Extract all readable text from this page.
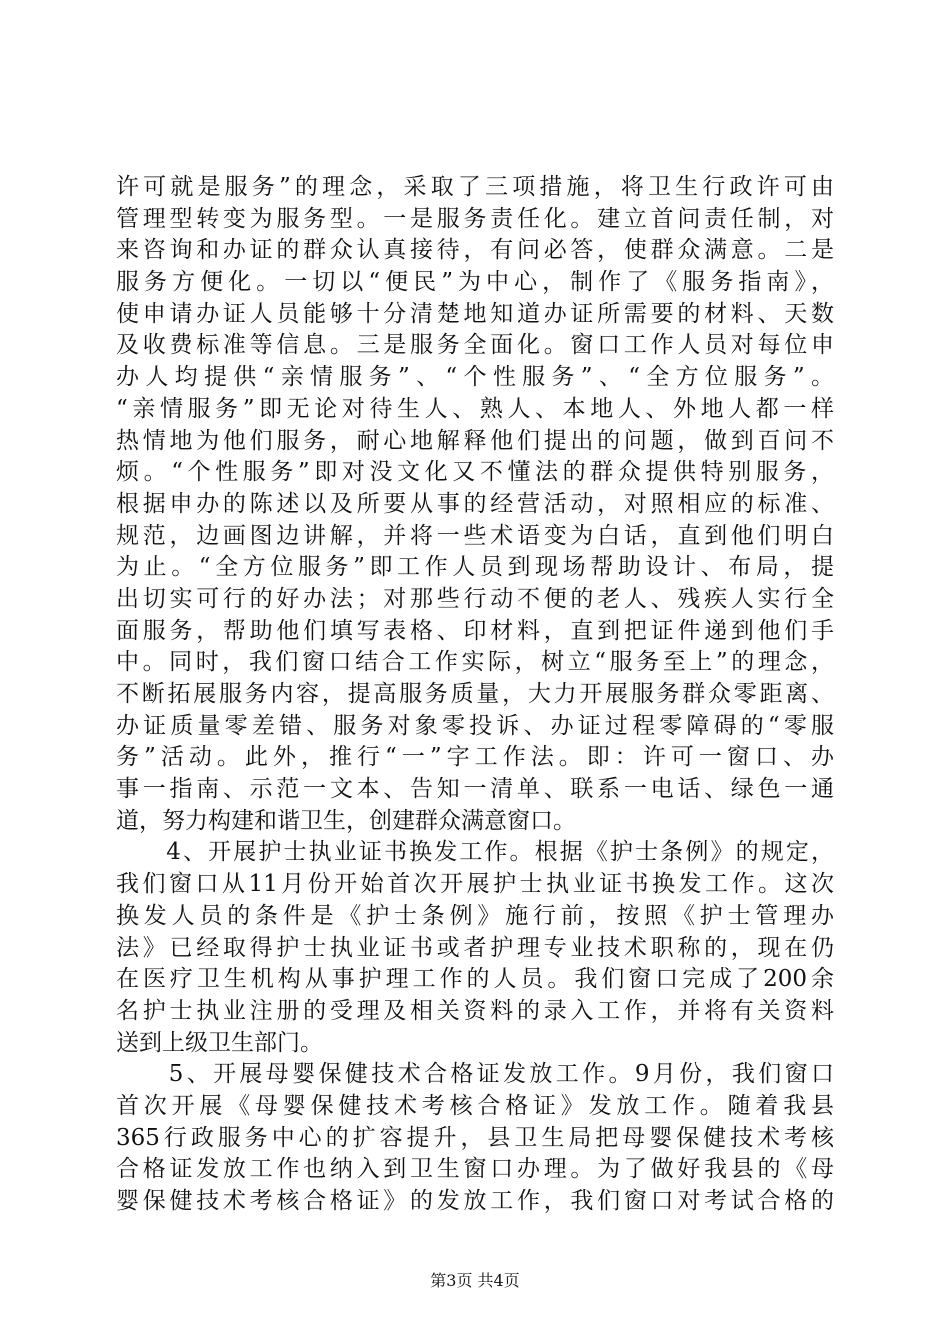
许可就是服务”的理念，采取了三项措施，将卫生行政许可由
管理型转变为服务型。一是服务责任化。建立首问责任制，对
来咨询和办证的群众认真接待，有问必答，使群众满意。二是
服务方便化。一切以“便民”为中心，制作了《服务指南》，
使申请办证人员能够十分清楚地知道办证所需要的材料、天数
及收费标准等信息。三是服务全面化。窗口工作人员对每位申
办人均提供“亲情服务”、“个性服务”、“全方位服务”。
“亲情服务”即无论对待生人、熟人、本地人、外地人都一样
热情地为他们服务，耐心地解释他们提出的问题，做到百问不
烦。“个性服务”即对没文化又不懂法的群众提供特别服务，
根据申办的陈述以及所要从事的经营活动，对照相应的标准、
规范，边画图边讲解，并将一些术语变为白话，直到他们明白
为止。“全方位服务”即工作人员到现场帮助设计、布局，提
出切实可行的好办法；对那些行动不便的老人、残疾人实行全
面服务，帮助他们填写表格、印材料，直到把证件递到他们手
中。同时，我们窗口结合工作实际，树立“服务至上”的理念，
不断拓展服务内容，提高服务质量，大力开展服务群众零距离、
办证质量零差错、服务对象零投诉、办证过程零障碍的“零服
务”活动。此外，推行“一”字工作法。即：许可一窗口、办
事一指南、示范一文本、告知一清单、联系一电话、绿色一通
道，努力构建和谐卫生，创建群众满意窗口。
　　4、开展护士执业证书换发工作。根据《护士条例》的规定，
我们窗口从11月份开始首次开展护士执业证书换发工作。这次
换发人员的条件是《护士条例》施行前，按照《护士管理办
法》已经取得护士执业证书或者护理专业技术职称的，现在仍
在医疗卫生机构从事护理工作的人员。我们窗口完成了200余
名护士执业注册的受理及相关资料的录入工作，并将有关资料
送到上级卫生部门。
　　5、开展母婴保健技术合格证发放工作。9月份，我们窗口
首次开展《母婴保健技术考核合格证》发放工作。随着我县
365行政服务中心的扩容提升，县卫生局把母婴保健技术考核
合格证发放工作也纳入到卫生窗口办理。为了做好我县的《母
婴保健技术考核合格证》的发放工作，我们窗口对考试合格的
第3页 共4页
